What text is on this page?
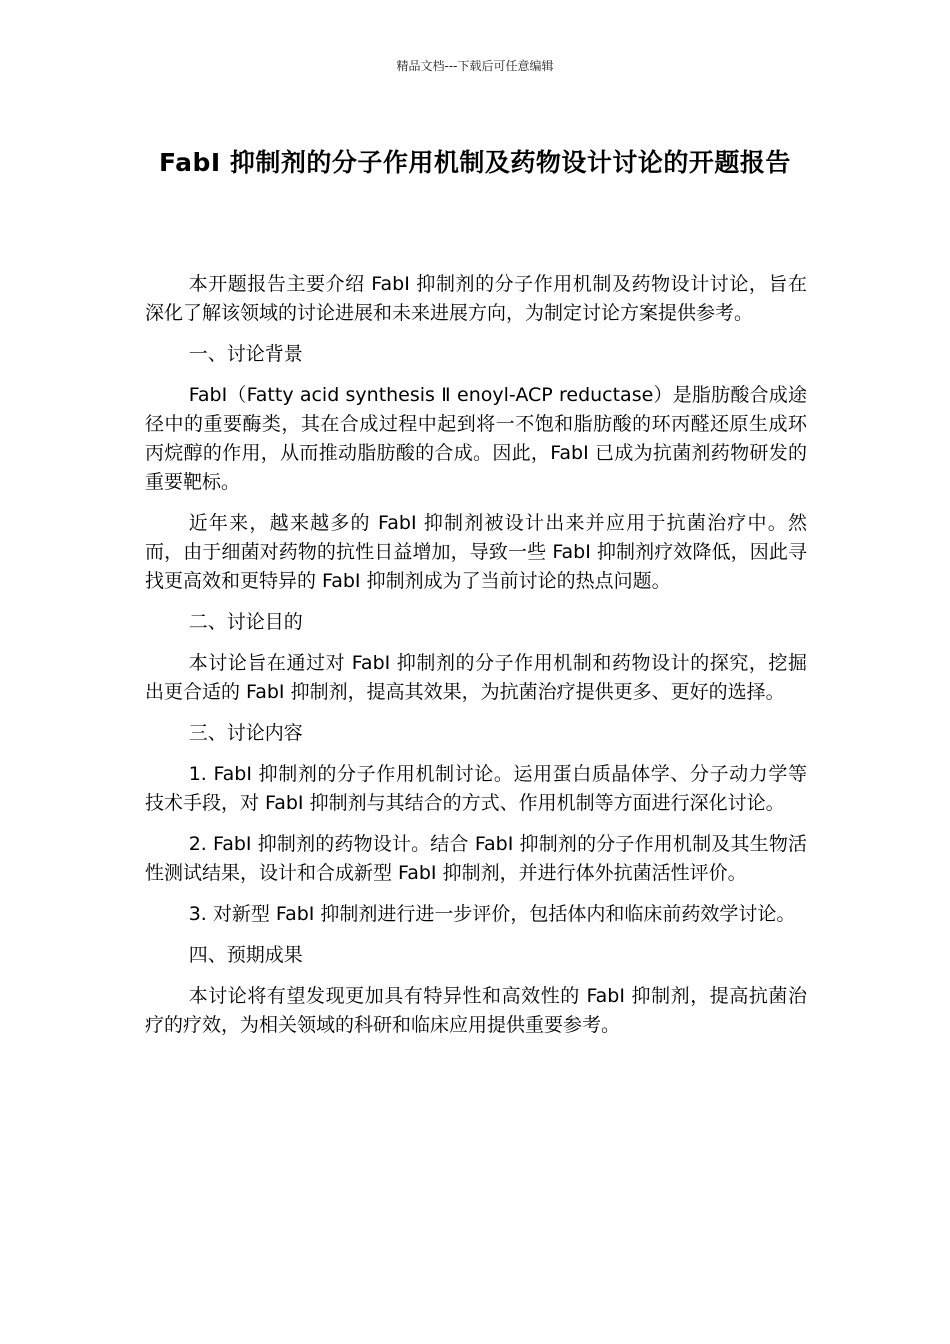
精品文档---下载后可任意编辑
FabI 抑制剂的分子作用机制及药物设计讨论的开题报告

本开题报告主要介绍 FabI 抑制剂的分子作用机制及药物设计讨论，旨在深化了解该领域的讨论进展和未来进展方向，为制定讨论方案提供参考。

一、讨论背景

FabI（Fatty acid synthesis Ⅱ enoyl-ACP reductase）是脂肪酸合成途径中的重要酶类，其在合成过程中起到将一不饱和脂肪酸的环丙醛还原生成环丙烷醇的作用，从而推动脂肪酸的合成。因此，FabI 已成为抗菌剂药物研发的重要靶标。

近年来，越来越多的 FabI 抑制剂被设计出来并应用于抗菌治疗中。然而，由于细菌对药物的抗性日益增加，导致一些 FabI 抑制剂疗效降低，因此寻找更高效和更特异的 FabI 抑制剂成为了当前讨论的热点问题。

二、讨论目的

本讨论旨在通过对 FabI 抑制剂的分子作用机制和药物设计的探究，挖掘出更合适的 FabI 抑制剂，提高其效果，为抗菌治疗提供更多、更好的选择。

三、讨论内容

1. FabI 抑制剂的分子作用机制讨论。运用蛋白质晶体学、分子动力学等技术手段，对 FabI 抑制剂与其结合的方式、作用机制等方面进行深化讨论。

2. FabI 抑制剂的药物设计。结合 FabI 抑制剂的分子作用机制及其生物活性测试结果，设计和合成新型 FabI 抑制剂，并进行体外抗菌活性评价。

3. 对新型 FabI 抑制剂进行进一步评价，包括体内和临床前药效学讨论。

四、预期成果

本讨论将有望发现更加具有特异性和高效性的 FabI 抑制剂，提高抗菌治疗的疗效，为相关领域的科研和临床应用提供重要参考。
